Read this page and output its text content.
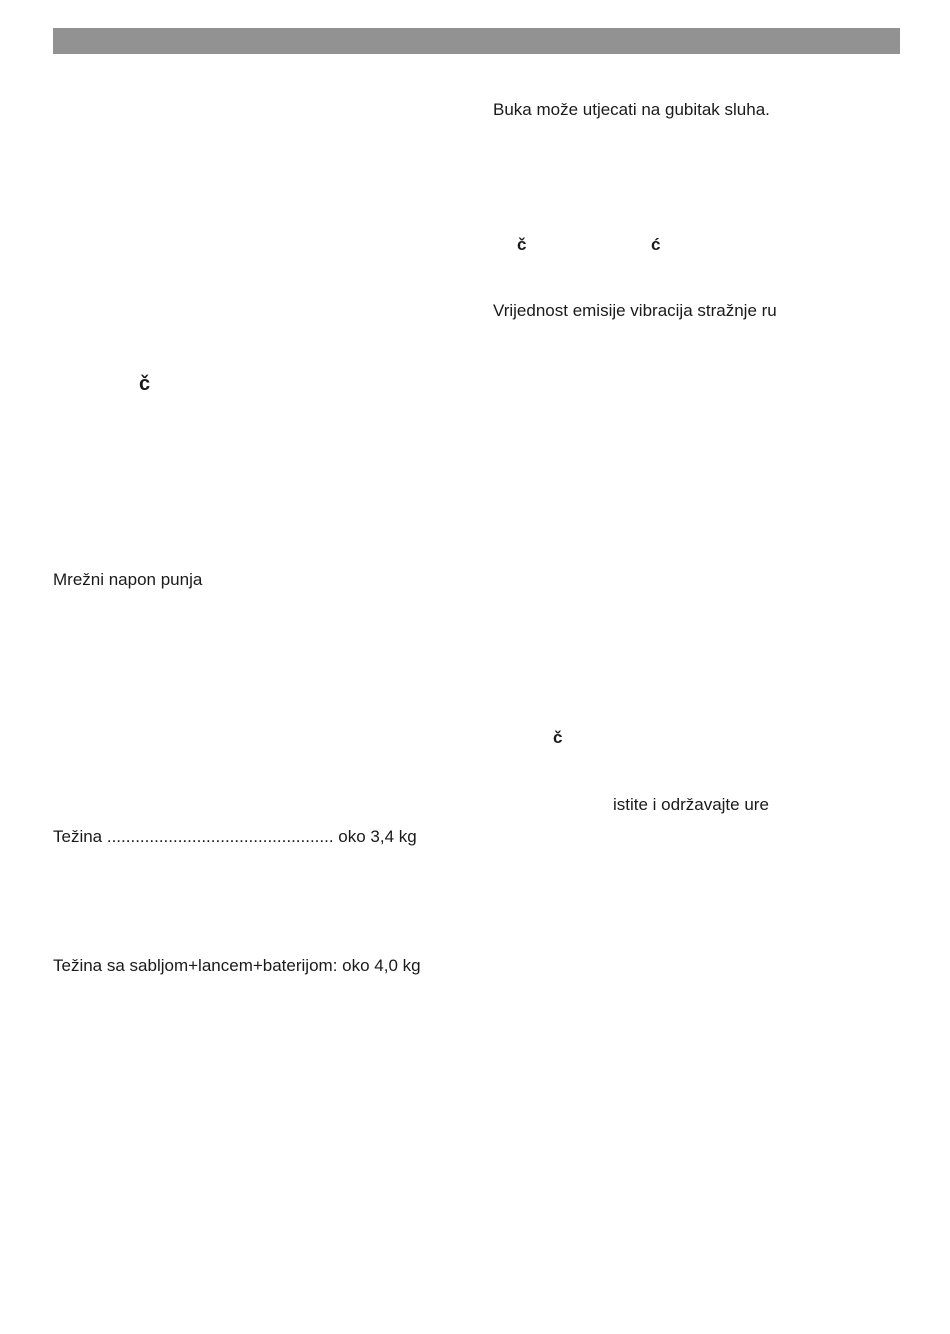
č
Mrežni napon punja
Težina ................................................ oko 3,4 kg
Težina sa sabljom+lancem+baterijom: oko 4,0 kg
Buka može utjecati na gubitak sluha.
č	ć
Vrijednost emisije vibracija stražnje ru
č
istite i održavajte ure
